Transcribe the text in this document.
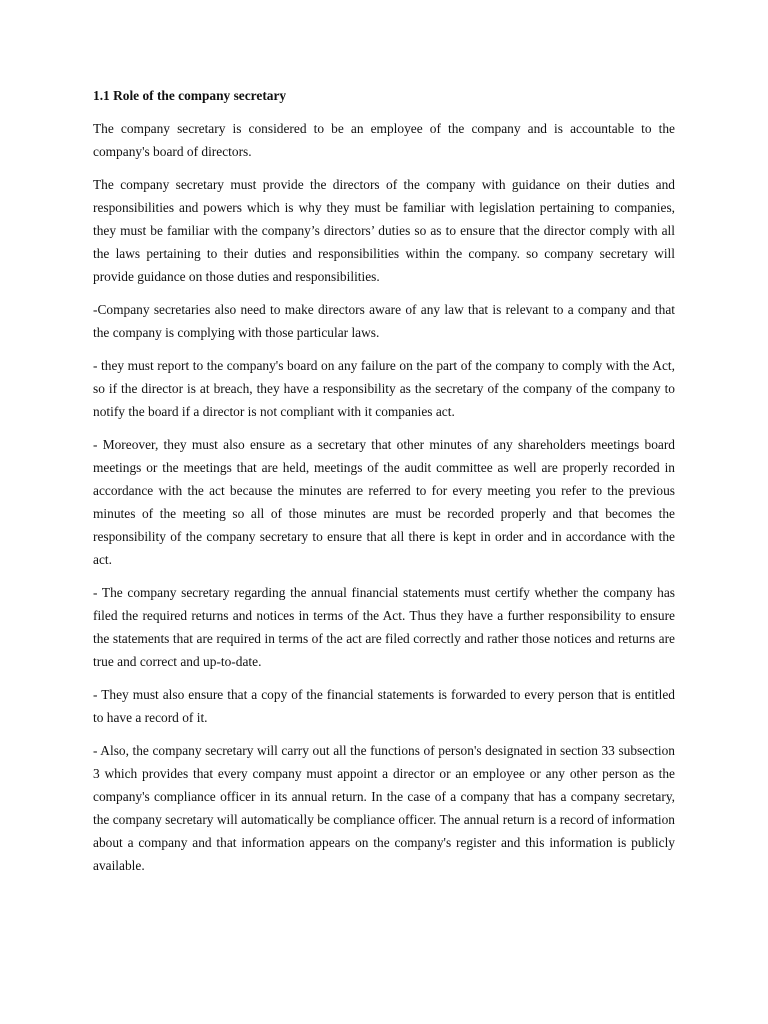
1.1 Role of the company secretary

The company secretary is considered to be an employee of the company and is accountable to the company's board of directors.

The company secretary must provide the directors of the company with guidance on their duties and responsibilities and powers which is why they must be familiar with legislation pertaining to companies, they must be familiar with the company’s directors’ duties so as to ensure that the director comply with all the laws pertaining to their duties and responsibilities within the company. so company secretary will provide guidance on those duties and responsibilities.

-Company secretaries also need to make directors aware of any law that is relevant to a company and that the company is complying with those particular laws.

- they must report to the company's board on any failure on the part of the company to comply with the Act, so if the director is at breach, they have a responsibility as the secretary of the company of the company to notify the board if a director is not compliant with it companies act.

- Moreover, they must also ensure as a secretary that other minutes of any shareholders meetings board meetings or the meetings that are held, meetings of the audit committee as well are properly recorded in accordance with the act because the minutes are referred to for every meeting you refer to the previous minutes of the meeting so all of those minutes are must be recorded properly and that becomes the responsibility of the company secretary to ensure that all there is kept in order and in accordance with the act.

- The company secretary regarding the annual financial statements must certify whether the company has filed the required returns and notices in terms of the Act. Thus they have a further responsibility to ensure the statements that are required in terms of the act are filed correctly and rather those notices and returns are true and correct and up-to-date.

- They must also ensure that a copy of the financial statements is forwarded to every person that is entitled to have a record of it.

- Also, the company secretary will carry out all the functions of person's designated in section 33 subsection 3 which provides that every company must appoint a director or an employee or any other person as the company's compliance officer in its annual return. In the case of a company that has a company secretary, the company secretary will automatically be compliance officer. The annual return is a record of information about a company and that information appears on the company's register and this information is publicly available.
